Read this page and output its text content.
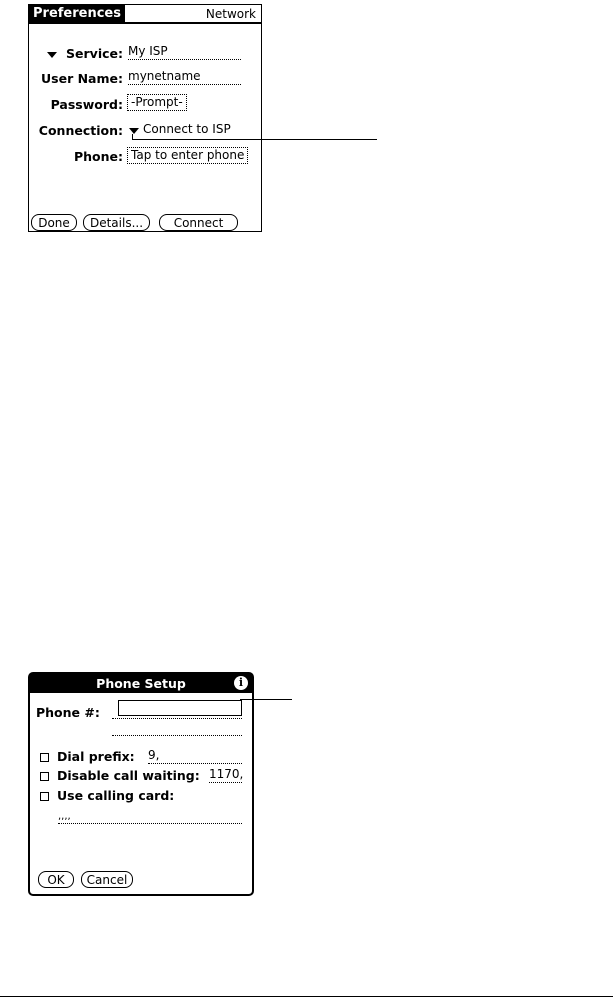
Preferences	Network
Service: My ISP
User Name: mynetname
Password: -Prompt-
Connection: Connect to ISP
Phone: Tap to enter phone
Done	Details...	Connect
Phone Setup	i
Phone #:
Dial prefix: 9,
Disable call waiting: 1170,
Use calling card:
,,,,
OK	Cancel
